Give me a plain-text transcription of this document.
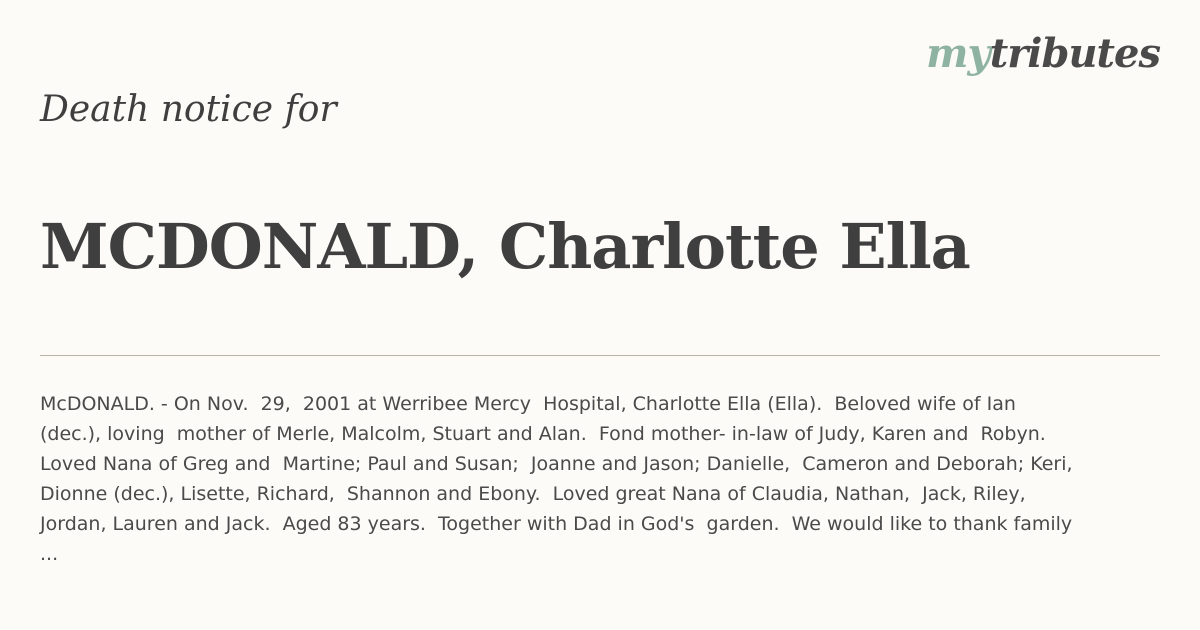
mytributes
Death notice for
MCDONALD, Charlotte Ella
McDONALD. - On Nov.  29,  2001 at Werribee Mercy  Hospital, Charlotte Ella (Ella).  Beloved wife of Ian
(dec.), loving  mother of Merle, Malcolm, Stuart and Alan.  Fond mother- in-law of Judy, Karen and  Robyn.
Loved Nana of Greg and  Martine; Paul and Susan;  Joanne and Jason; Danielle,  Cameron and Deborah; Keri,
Dionne (dec.), Lisette, Richard,  Shannon and Ebony.  Loved great Nana of Claudia, Nathan,  Jack, Riley,
Jordan, Lauren and Jack.  Aged 83 years.  Together with Dad in God's  garden.  We would like to thank family
...
